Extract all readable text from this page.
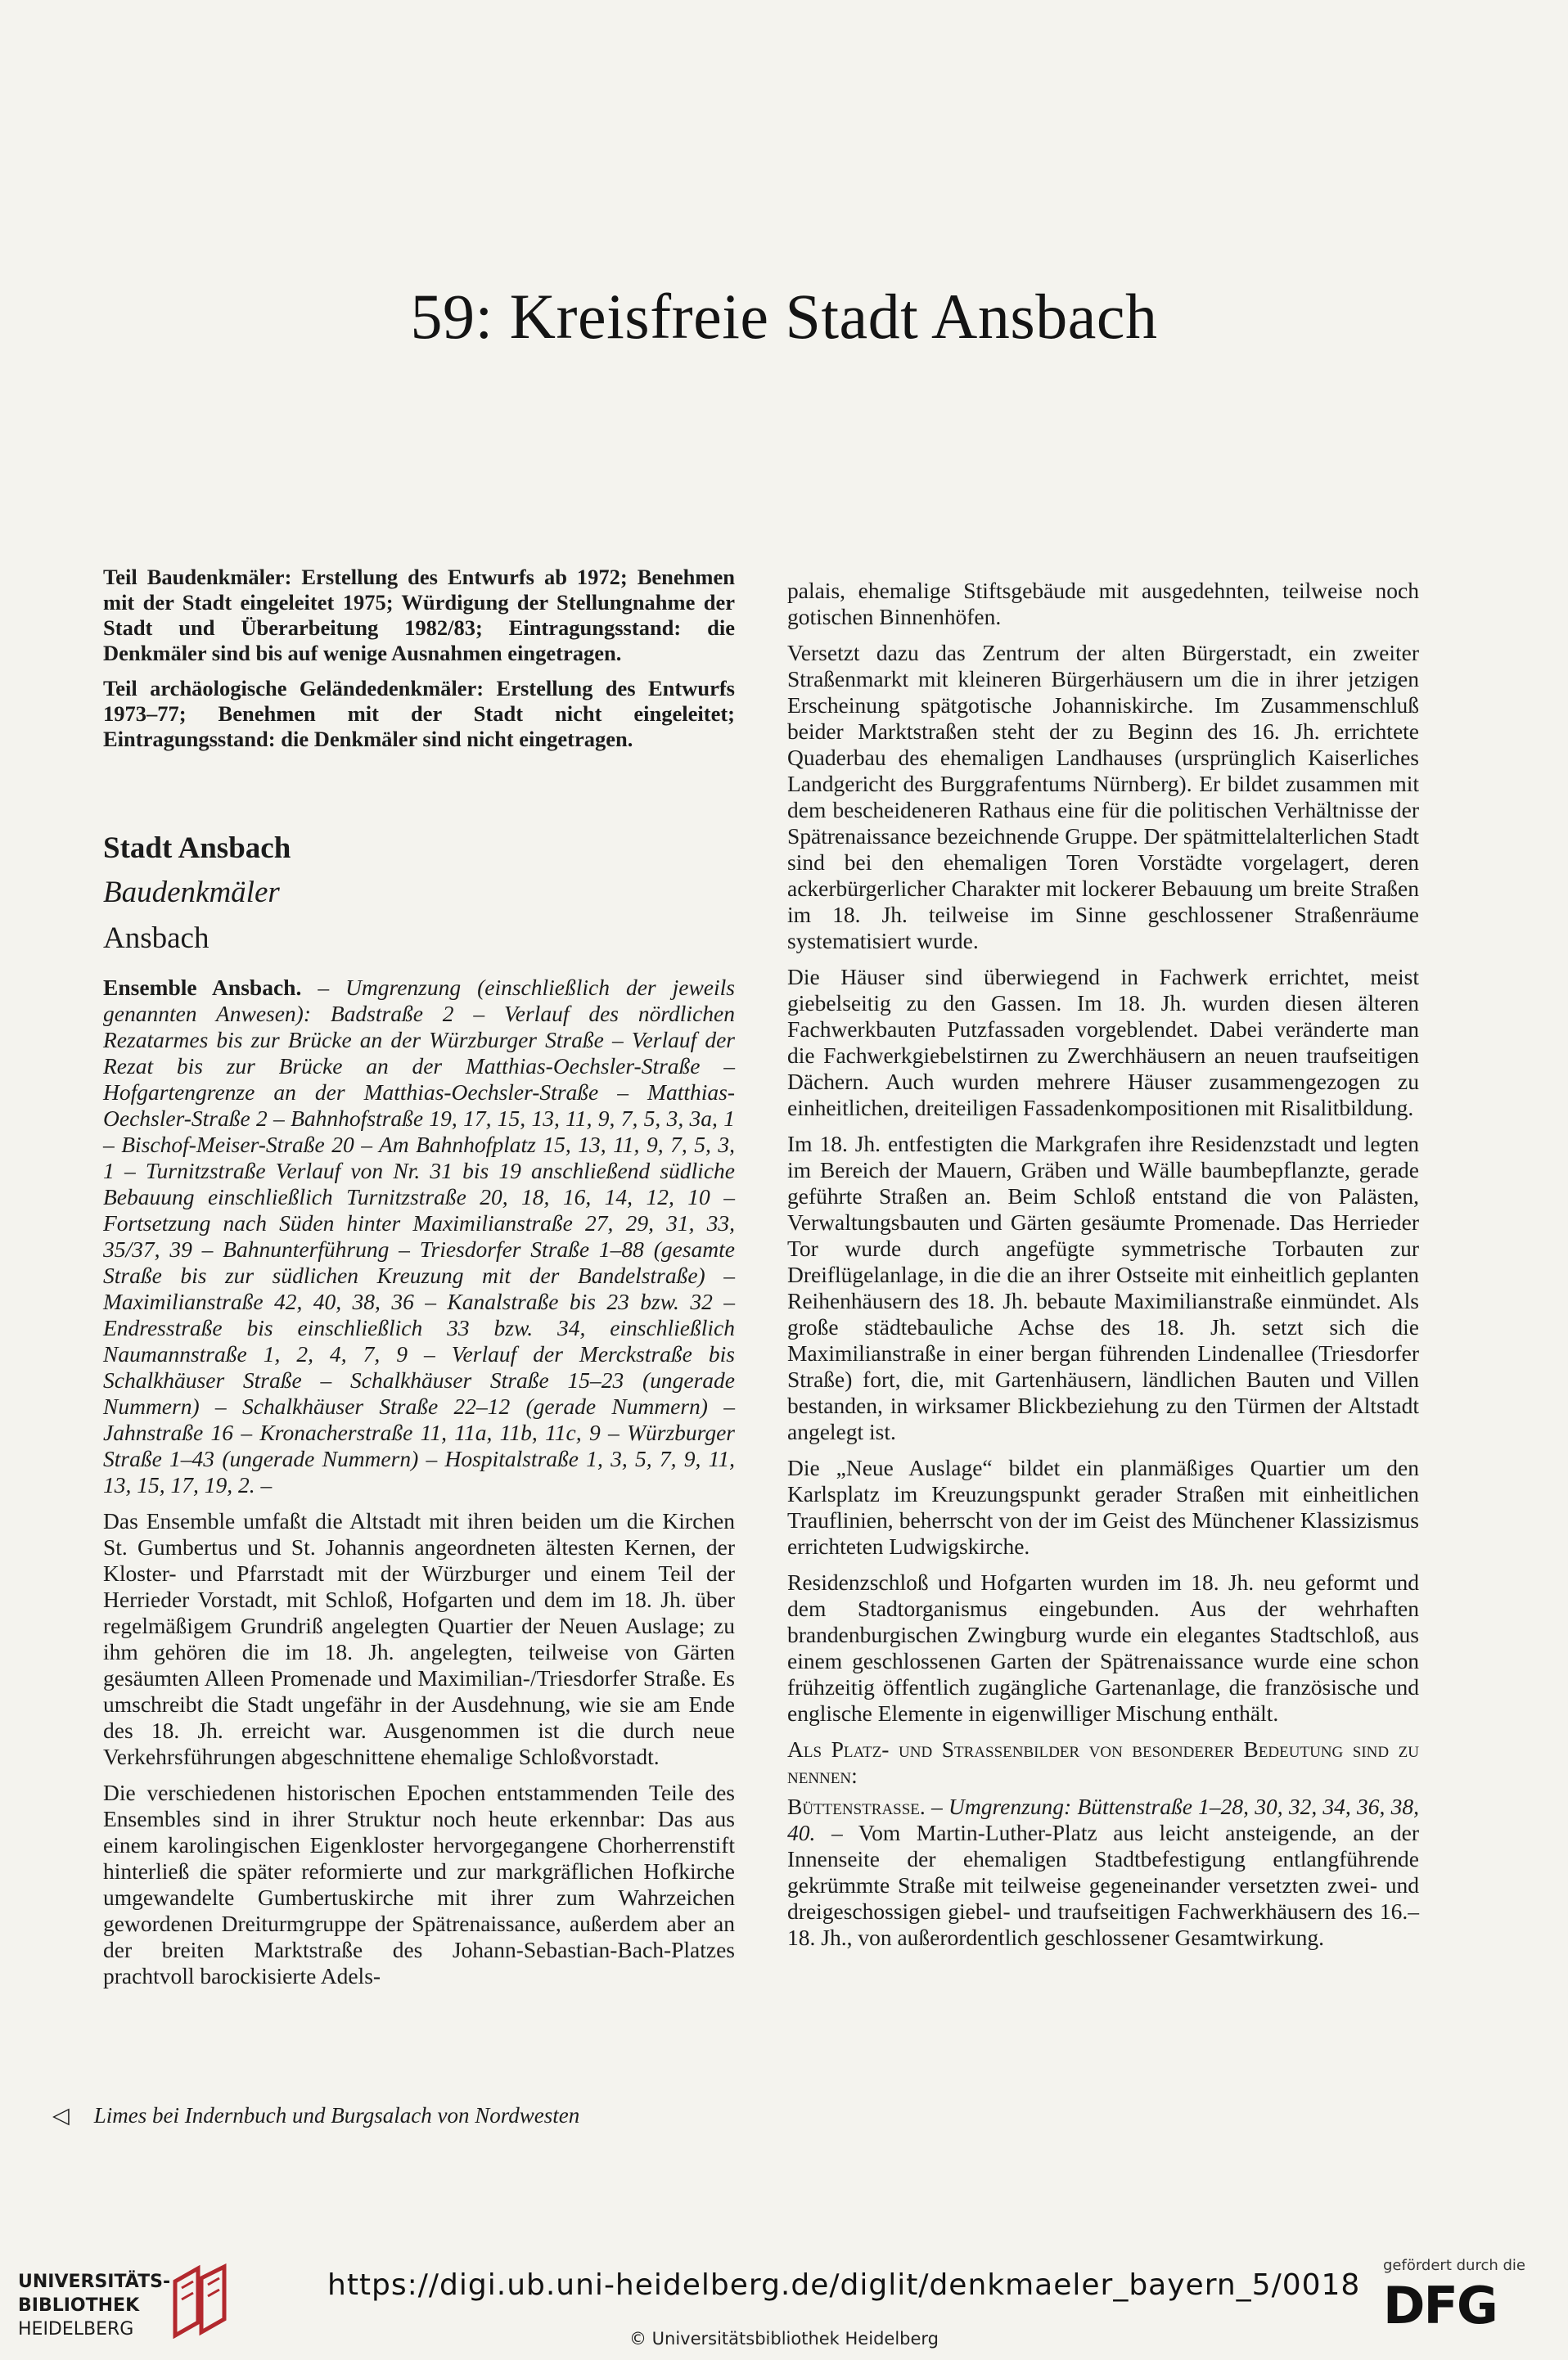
59: Kreisfreie Stadt Ansbach

Teil Baudenkmäler: Erstellung des Entwurfs ab 1972; Benehmen mit der Stadt eingeleitet 1975; Würdigung der Stellungnahme der Stadt und Überarbeitung 1982/83; Eintragungsstand: die Denkmäler sind bis auf wenige Ausnahmen eingetragen.

Teil archäologische Geländedenkmäler: Erstellung des Entwurfs 1973–77; Benehmen mit der Stadt nicht eingeleitet; Eintragungsstand: die Denkmäler sind nicht eingetragen.

Stadt Ansbach
Baudenkmäler
Ansbach

Ensemble Ansbach. – Umgrenzung (einschließlich der jeweils genannten Anwesen): Badstraße 2 – Verlauf des nördlichen Rezatarmes bis zur Brücke an der Würzburger Straße – Verlauf der Rezat bis zur Brücke an der Matthias-Oechsler-Straße – Hofgartengrenze an der Matthias-Oechsler-Straße – Matthias-Oechsler-Straße 2 – Bahnhofstraße 19, 17, 15, 13, 11, 9, 7, 5, 3, 3a, 1 – Bischof-Meiser-Straße 20 – Am Bahnhofplatz 15, 13, 11, 9, 7, 5, 3, 1 – Turnitzstraße Verlauf von Nr. 31 bis 19 anschließend südliche Bebauung einschließlich Turnitzstraße 20, 18, 16, 14, 12, 10 – Fortsetzung nach Süden hinter Maximilianstraße 27, 29, 31, 33, 35/37, 39 – Bahnunterführung – Triesdorfer Straße 1–88 (gesamte Straße bis zur südlichen Kreuzung mit der Bandelstraße) – Maximilianstraße 42, 40, 38, 36 – Kanalstraße bis 23 bzw. 32 – Endresstraße bis einschließlich 33 bzw. 34, einschließlich Naumannstraße 1, 2, 4, 7, 9 – Verlauf der Merckstraße bis Schalkhäuser Straße – Schalkhäuser Straße 15–23 (ungerade Nummern) – Schalkhäuser Straße 22–12 (gerade Nummern) – Jahnstraße 16 – Kronacherstraße 11, 11a, 11b, 11c, 9 – Würzburger Straße 1–43 (ungerade Nummern) – Hospitalstraße 1, 3, 5, 7, 9, 11, 13, 15, 17, 19, 2. –

Das Ensemble umfaßt die Altstadt mit ihren beiden um die Kirchen St. Gumbertus und St. Johannis angeordneten ältesten Kernen, der Kloster- und Pfarrstadt mit der Würzburger und einem Teil der Herrieder Vorstadt, mit Schloß, Hofgarten und dem im 18. Jh. über regelmäßigem Grundriß angelegten Quartier der Neuen Auslage; zu ihm gehören die im 18. Jh. angelegten, teilweise von Gärten gesäumten Alleen Promenade und Maximilian-/Triesdorfer Straße. Es umschreibt die Stadt ungefähr in der Ausdehnung, wie sie am Ende des 18. Jh. erreicht war. Ausgenommen ist die durch neue Verkehrsführungen abgeschnittene ehemalige Schloßvorstadt.

Die verschiedenen historischen Epochen entstammenden Teile des Ensembles sind in ihrer Struktur noch heute erkennbar: Das aus einem karolingischen Eigenkloster hervorgegangene Chorherrenstift hinterließ die später reformierte und zur markgräflichen Hofkirche umgewandelte Gumbertuskirche mit ihrer zum Wahrzeichen gewordenen Dreiturmgruppe der Spätrenaissance, außerdem aber an der breiten Marktstraße des Johann-Sebastian-Bach-Platzes prachtvoll barockisierte Adels-

palais, ehemalige Stiftsgebäude mit ausgedehnten, teilweise noch gotischen Binnenhöfen.

Versetzt dazu das Zentrum der alten Bürgerstadt, ein zweiter Straßenmarkt mit kleineren Bürgerhäusern um die in ihrer jetzigen Erscheinung spätgotische Johanniskirche. Im Zusammenschluß beider Marktstraßen steht der zu Beginn des 16. Jh. errichtete Quaderbau des ehemaligen Landhauses (ursprünglich Kaiserliches Landgericht des Burggrafentums Nürnberg). Er bildet zusammen mit dem bescheideneren Rathaus eine für die politischen Verhältnisse der Spätrenaissance bezeichnende Gruppe. Der spätmittelalterlichen Stadt sind bei den ehemaligen Toren Vorstädte vorgelagert, deren ackerbürgerlicher Charakter mit lockerer Bebauung um breite Straßen im 18. Jh. teilweise im Sinne geschlossener Straßenräume systematisiert wurde.

Die Häuser sind überwiegend in Fachwerk errichtet, meist giebelseitig zu den Gassen. Im 18. Jh. wurden diesen älteren Fachwerkbauten Putzfassaden vorgeblendet. Dabei veränderte man die Fachwerkgiebelstirnen zu Zwerchhäusern an neuen traufseitigen Dächern. Auch wurden mehrere Häuser zusammengezogen zu einheitlichen, dreiteiligen Fassadenkompositionen mit Risalitbildung.

Im 18. Jh. entfestigten die Markgrafen ihre Residenzstadt und legten im Bereich der Mauern, Gräben und Wälle baumbepflanzte, gerade geführte Straßen an. Beim Schloß entstand die von Palästen, Verwaltungsbauten und Gärten gesäumte Promenade. Das Herrieder Tor wurde durch angefügte symmetrische Torbauten zur Dreiflügelanlage, in die die an ihrer Ostseite mit einheitlich geplanten Reihenhäusern des 18. Jh. bebaute Maximilianstraße einmündet. Als große städtebauliche Achse des 18. Jh. setzt sich die Maximilianstraße in einer bergan führenden Lindenallee (Triesdorfer Straße) fort, die, mit Gartenhäusern, ländlichen Bauten und Villen bestanden, in wirksamer Blickbeziehung zu den Türmen der Altstadt angelegt ist.

Die „Neue Auslage“ bildet ein planmäßiges Quartier um den Karlsplatz im Kreuzungspunkt gerader Straßen mit einheitlichen Trauflinien, beherrscht von der im Geist des Münchener Klassizismus errichteten Ludwigskirche.

Residenzschloß und Hofgarten wurden im 18. Jh. neu geformt und dem Stadtorganismus eingebunden. Aus der wehrhaften brandenburgischen Zwingburg wurde ein elegantes Stadtschloß, aus einem geschlossenen Garten der Spätrenaissance wurde eine schon frühzeitig öffentlich zugängliche Gartenanlage, die französische und englische Elemente in eigenwilliger Mischung enthält.

Als Platz- und Strassenbilder von besonderer Bedeutung sind zu nennen:

Büttenstrasse. – Umgrenzung: Büttenstraße 1–28, 30, 32, 34, 36, 38, 40. – Vom Martin-Luther-Platz aus leicht ansteigende, an der Innenseite der ehemaligen Stadtbefestigung entlangführende gekrümmte Straße mit teilweise gegeneinander versetzten zwei- und dreigeschossigen giebel- und traufseitigen Fachwerkhäusern des 16.–18. Jh., von außerordentlich geschlossener Gesamtwirkung.

◁ Limes bei Indernbuch und Burgsalach von Nordwesten
UNIVERSITÄTS-
BIBLIOTHEK
HEIDELBERG
https://digi.ub.uni-heidelberg.de/diglit/denkmaeler_bayern_5/0018
© Universitätsbibliothek Heidelberg
gefördert durch die
DFG
